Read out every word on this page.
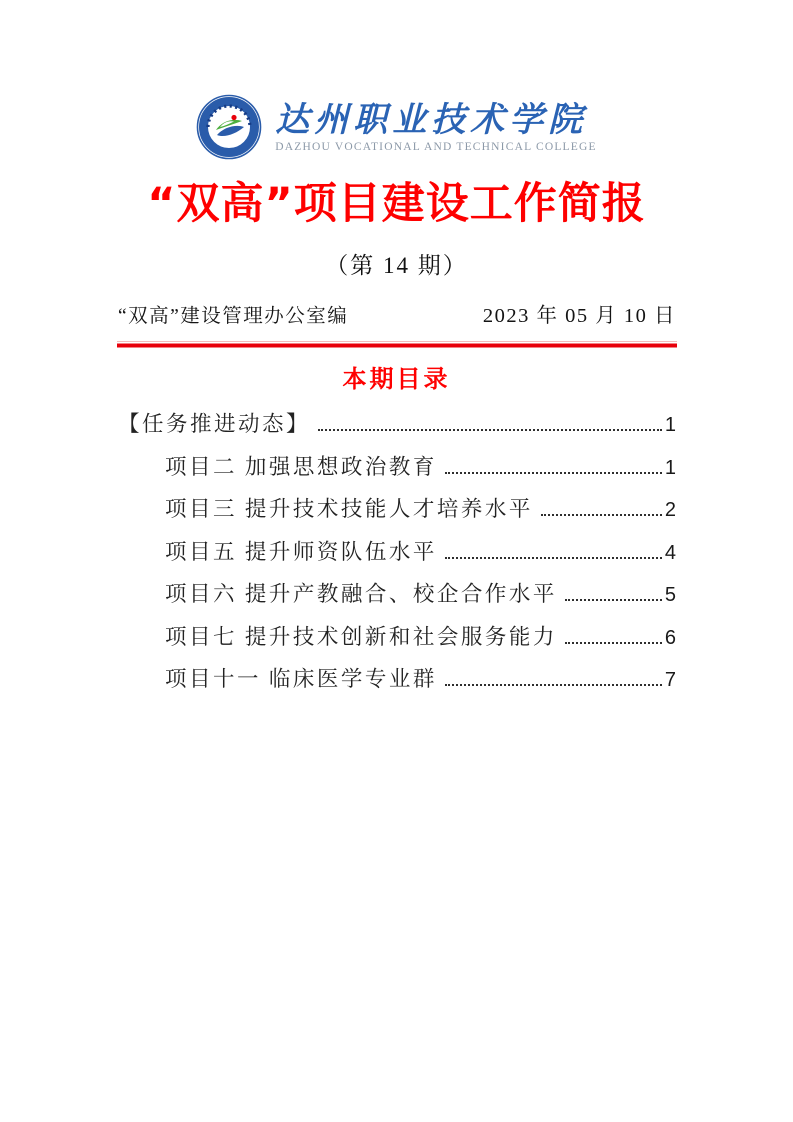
达州职业技术学院
DAZHOU VOCATIONAL AND TECHNICAL COLLEGE
“双高”项目建设工作简报
（第 14 期）
“双高”建设管理办公室编	2023 年 05 月 10 日
本期目录
【任务推进动态】	1
项目二 加强思想政治教育	1
项目三 提升技术技能人才培养水平	2
项目五 提升师资队伍水平	4
项目六 提升产教融合、校企合作水平	5
项目七 提升技术创新和社会服务能力	6
项目十一 临床医学专业群	7
